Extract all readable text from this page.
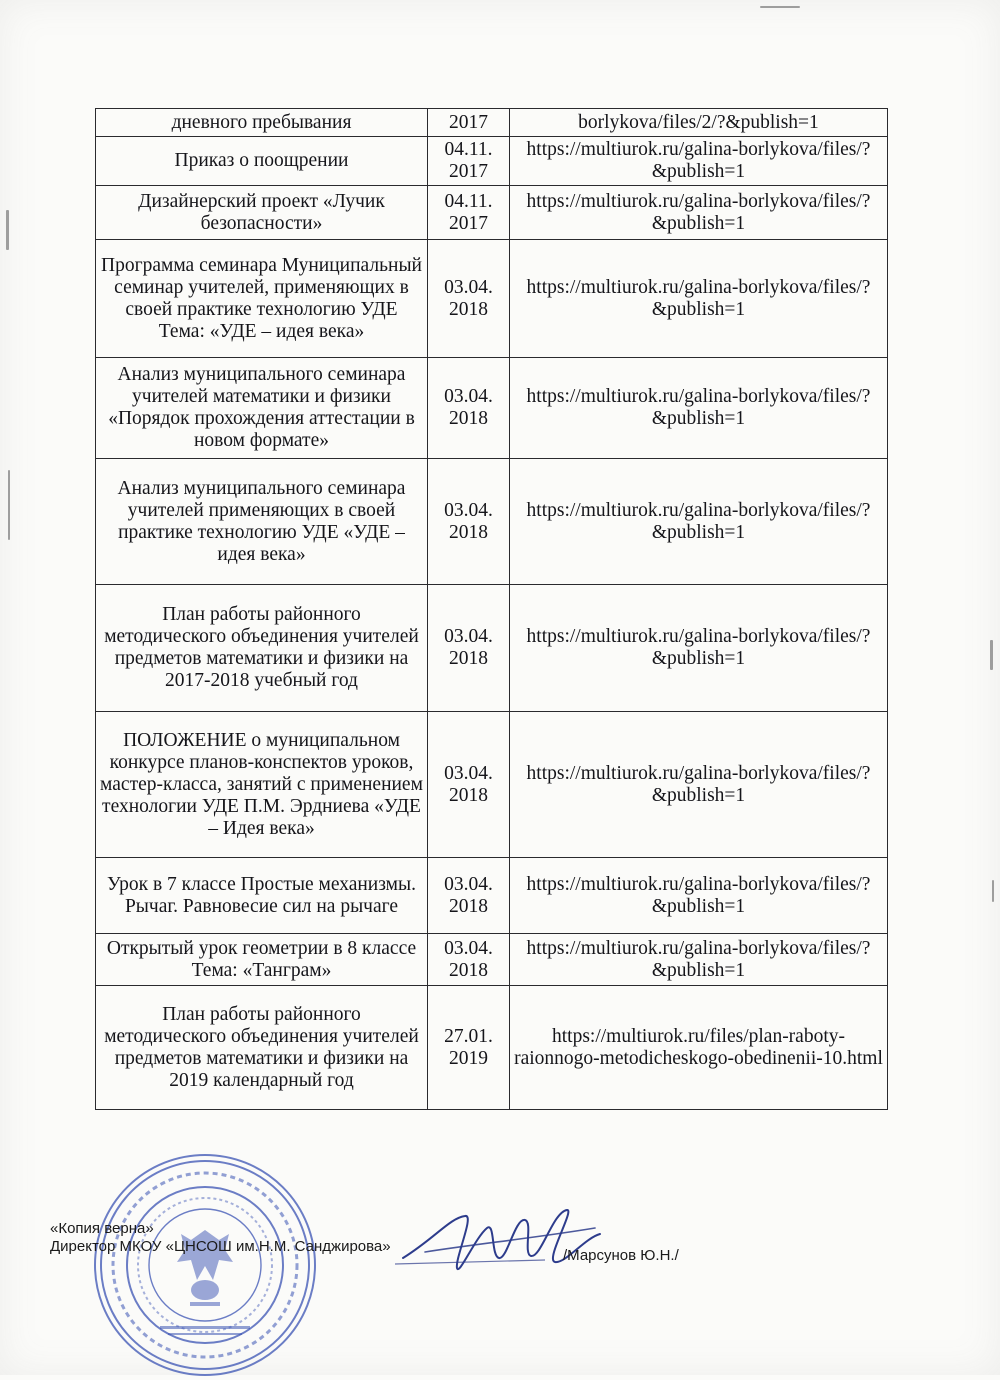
дневного пребывания	2017	borlykova/files/2/?&publish=1
Приказ о поощрении	04.11. 2017	https://multiurok.ru/galina-borlykova/files/?&publish=1
Дизайнерский проект «Лучик безопасности»	04.11. 2017	https://multiurok.ru/galina-borlykova/files/?&publish=1
Программа семинара Муниципальный семинар учителей, применяющих в своей практике технологию УДЕ Тема: «УДЕ – идея века»	03.04. 2018	https://multiurok.ru/galina-borlykova/files/?&publish=1
Анализ муниципального семинара учителей математики и физики «Порядок прохождения аттестации в новом формате»	03.04. 2018	https://multiurok.ru/galina-borlykova/files/?&publish=1
Анализ муниципального семинара учителей применяющих в своей практике технологию УДЕ «УДЕ – идея века»	03.04. 2018	https://multiurok.ru/galina-borlykova/files/?&publish=1
План работы районного методического объединения учителей предметов математики и физики на 2017-2018 учебный год	03.04. 2018	https://multiurok.ru/galina-borlykova/files/?&publish=1
ПОЛОЖЕНИЕ о муниципальном конкурсе планов-конспектов уроков, мастер-класса, занятий с применением технологии УДЕ П.М. Эрдниева «УДЕ – Идея века»	03.04. 2018	https://multiurok.ru/galina-borlykova/files/?&publish=1
Урок в 7 классе Простые механизмы. Рычаг. Равновесие сил на рычаге	03.04. 2018	https://multiurok.ru/galina-borlykova/files/?&publish=1
Открытый урок геометрии в 8 классе Тема: «Танграм»	03.04. 2018	https://multiurok.ru/galina-borlykova/files/?&publish=1
План работы районного методического объединения учителей предметов математики и физики на 2019 календарный год	27.01. 2019	https://multiurok.ru/files/plan-raboty-raionnogo-metodicheskogo-obedinenii-10.html
«Копия верна»
Директор МКОУ «ЦНСОШ им.Н.М. Санджирова»
/Марсунов Ю.Н./
